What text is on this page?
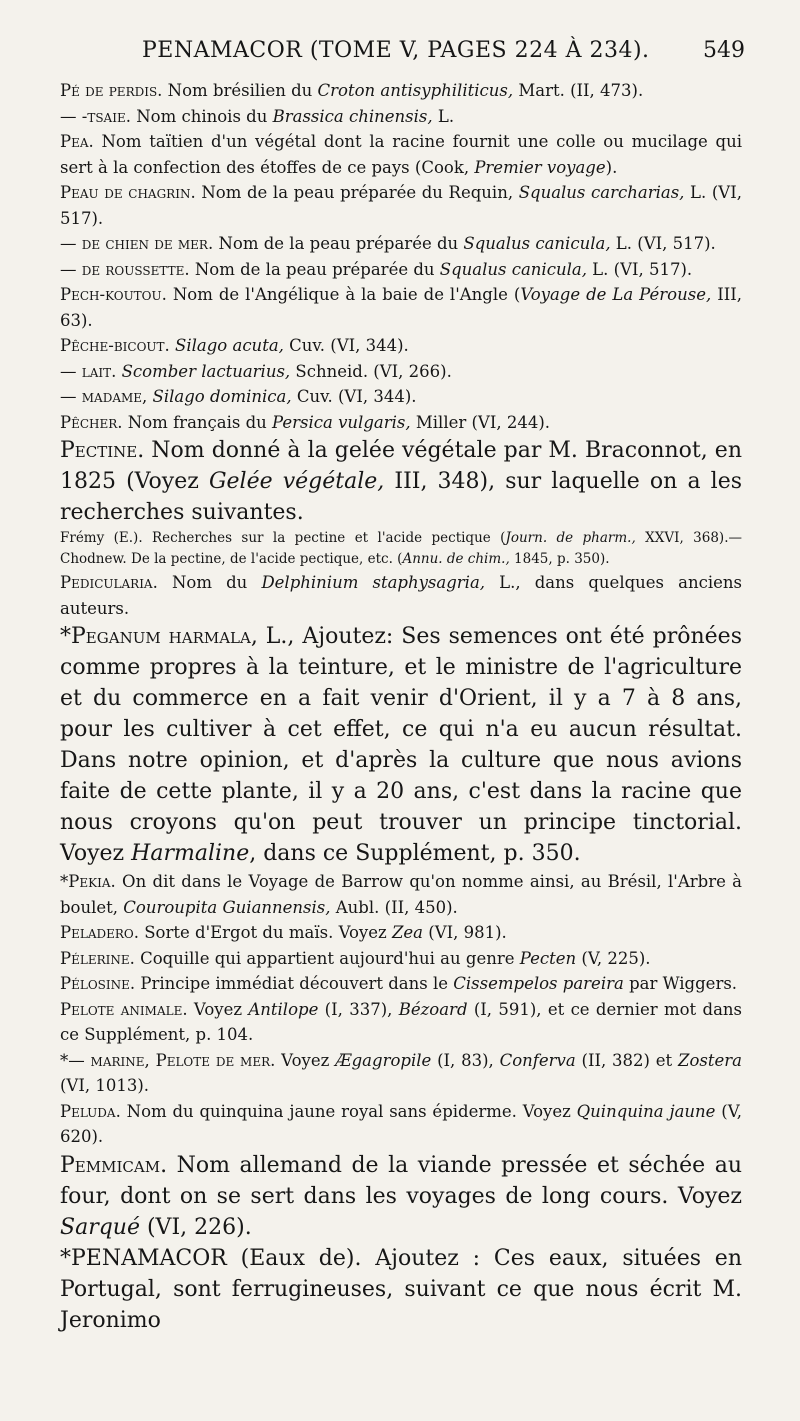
PENAMACOR (TOME V, PAGES 224 À 234). 549

Pé de perdis. Nom brésilien du Croton antisyphiliticus, Mart. (II, 473).

— -tsaie. Nom chinois du Brassica chinensis, L.

Pea. Nom taïtien d'un végétal dont la racine fournit une colle ou mucilage qui sert à la confection des étoffes de ce pays (Cook, Premier voyage).

Peau de chagrin. Nom de la peau préparée du Requin, Squalus carcharias, L. (VI, 517).

— de chien de mer. Nom de la peau préparée du Squalus canicula, L. (VI, 517).

— de roussette. Nom de la peau préparée du Squalus canicula, L. (VI, 517).

Pech-koutou. Nom de l'Angélique à la baie de l'Angle (Voyage de La Pérouse, III, 63).

Pêche-bicout. Silago acuta, Cuv. (VI, 344).

— lait. Scomber lactuarius, Schneid. (VI, 266).

— madame, Silago dominica, Cuv. (VI, 344).

Pêcher. Nom français du Persica vulgaris, Miller (VI, 244).

Pectine. Nom donné à la gelée végétale par M. Braconnot, en 1825 (Voyez Gelée végétale, III, 348), sur laquelle on a les recherches suivantes.

Frémy (E.). Recherches sur la pectine et l'acide pectique (Journ. de pharm., XXVI, 368).—Chodnew. De la pectine, de l'acide pectique, etc. (Annu. de chim., 1845, p. 350).

Pedicularia. Nom du Delphinium staphysagria, L., dans quelques anciens auteurs.

*Peganum harmala, L., Ajoutez: Ses semences ont été prônées comme propres à la teinture, et le ministre de l'agriculture et du commerce en a fait venir d'Orient, il y a 7 à 8 ans, pour les cultiver à cet effet, ce qui n'a eu aucun résultat. Dans notre opinion, et d'après la culture que nous avions faite de cette plante, il y a 20 ans, c'est dans la racine que nous croyons qu'on peut trouver un principe tinctorial. Voyez Harmaline, dans ce Supplément, p. 350.

*Pekia. On dit dans le Voyage de Barrow qu'on nomme ainsi, au Brésil, l'Arbre à boulet, Couroupita Guiannensis, Aubl. (II, 450).

Peladero. Sorte d'Ergot du maïs. Voyez Zea (VI, 981).

Pélerine. Coquille qui appartient aujourd'hui au genre Pecten (V, 225).

Pélosine. Principe immédiat découvert dans le Cissempelos pareira par Wiggers.

Pelote animale. Voyez Antilope (I, 337), Bézoard (I, 591), et ce dernier mot dans ce Supplément, p. 104.

*— marine, Pelote de mer. Voyez Ægagropile (I, 83), Conferva (II, 382) et Zostera (VI, 1013).

Peluda. Nom du quinquina jaune royal sans épiderme. Voyez Quinquina jaune (V, 620).

Pemmicam. Nom allemand de la viande pressée et séchée au four, dont on se sert dans les voyages de long cours. Voyez Sarqué (VI, 226).

*PENAMACOR (Eaux de). Ajoutez : Ces eaux, situées en Portugal, sont ferrugineuses, suivant ce que nous écrit M. Jeronimo
